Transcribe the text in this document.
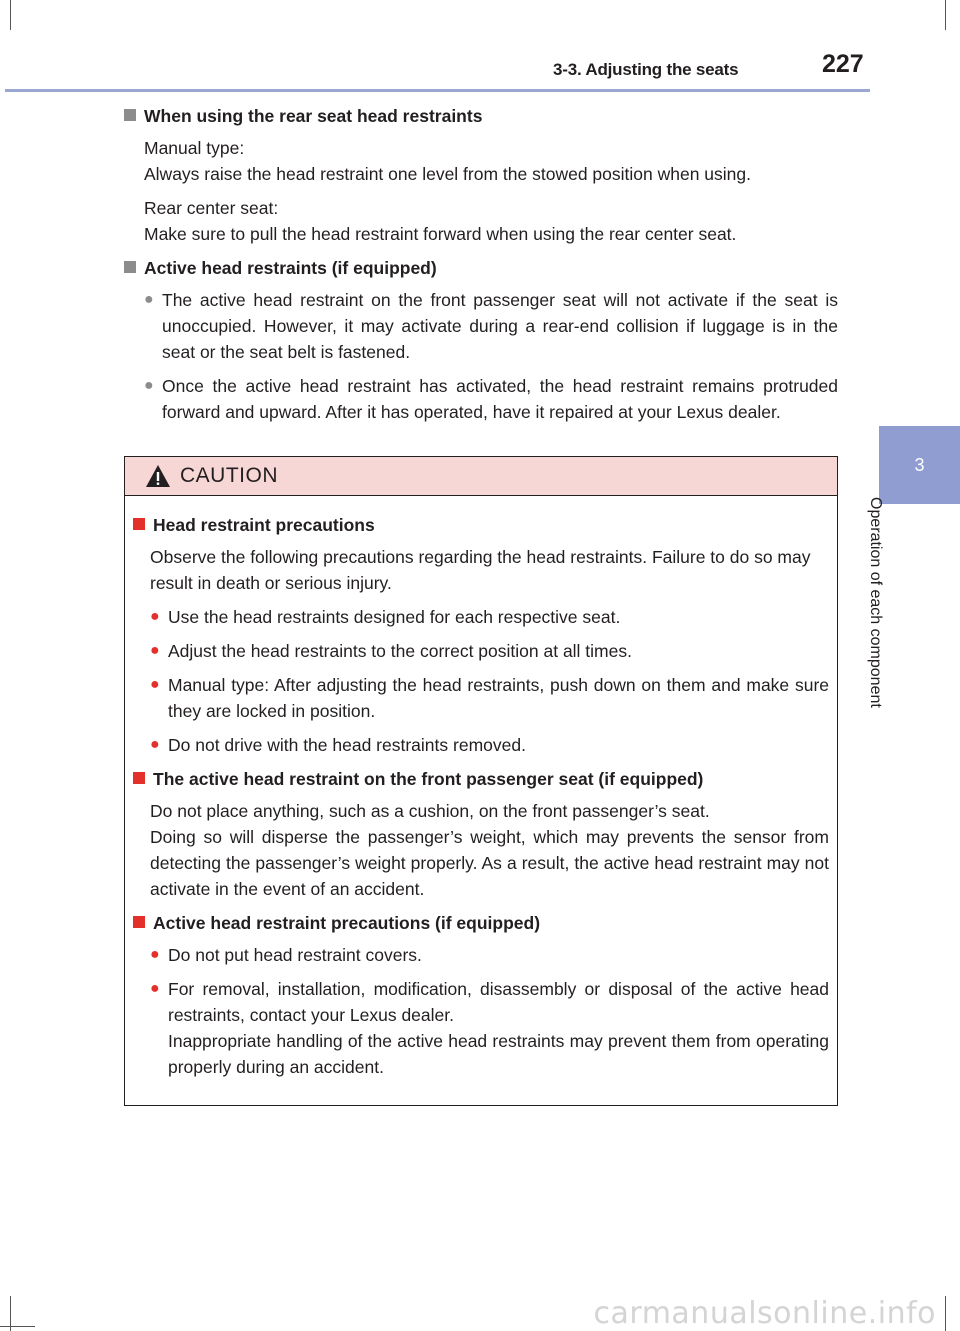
3-3. Adjusting the seats	227
3
Operation of each component
When using the rear seat head restraints
Manual type:
Always raise the head restraint one level from the stowed position when using.
Rear center seat:
Make sure to pull the head restraint forward when using the rear center seat.
Active head restraints (if equipped)
● The active head restraint on the front passenger seat will not activate if the seat is unoccupied. However, it may activate during a rear-end collision if luggage is in the seat or the seat belt is fastened.
● Once the active head restraint has activated, the head restraint remains protruded forward and upward. After it has operated, have it repaired at your Lexus dealer.
CAUTION
Head restraint precautions
Observe the following precautions regarding the head restraints. Failure to do so may result in death or serious injury.
● Use the head restraints designed for each respective seat.
● Adjust the head restraints to the correct position at all times.
● Manual type: After adjusting the head restraints, push down on them and make sure they are locked in position.
● Do not drive with the head restraints removed.
The active head restraint on the front passenger seat (if equipped)
Do not place anything, such as a cushion, on the front passenger’s seat.
Doing so will disperse the passenger’s weight, which may prevents the sensor from detecting the passenger’s weight properly. As a result, the active head restraint may not activate in the event of an accident.
Active head restraint precautions (if equipped)
● Do not put head restraint covers.
● For removal, installation, modification, disassembly or disposal of the active head restraints, contact your Lexus dealer.
Inappropriate handling of the active head restraints may prevent them from operating properly during an accident.
carmanualsonline.info
